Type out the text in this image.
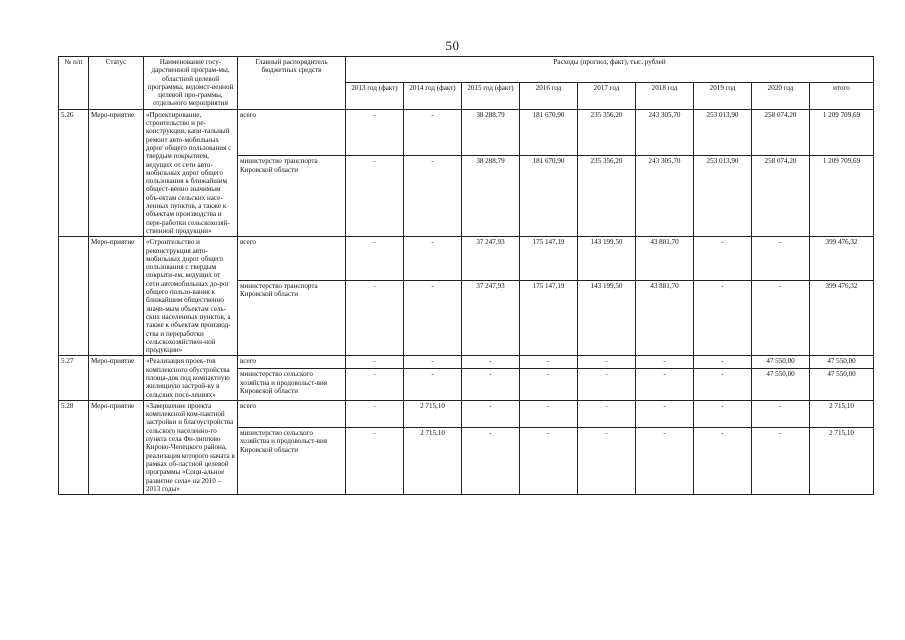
50
№ п/п	Статус	Наименование госу-дарственной програм-мы, областной целевой программы, ведомст-венной целевой про-граммы, отдельного мероприятия	Главный распорядитель бюджетных средств	Расходы (прогноз, факт), тыс. рублей								
				2013 год (факт)	2014 год (факт)	2015 год (факт)	2016 год	2017 год	2018 год	2019 год	2020 год	итого
5.26	Меро-приятие	«Проектирование, строительство и ре-конструкция, капи-тальный ремонт авто-мобильных дорог общего пользования с твердым покрытием, ведущих от сети авто-мобильных дорог общего пользования к ближайшим общест-венно значимым объ-ектам сельских насе-ленных пунктов, а также к объектам производства и пере-работки сельскохозяй-ственной продукции»	всего	-	-	38 288,79	181 670,90	235 356,20	243 305,70	253 013,90	258 074,20	1 209 709,69
			министерство транспорта Кировской области	-	-	38 288,79	181 670,90	235 356,20	243 305,70	253 013,90	258 074,20	1 209 709,69
	Меро-приятие	«Строительство и реконструкция авто-мобильных дорог общего пользования с твердым покрыти-ем, ведущих от сети автомобильных до-рог общего пользо-вания к ближайшим общественно значи-мым объектам сель-ских населенных пунктов, а также к объектам производ-ства и переработки сельскохозяйствен-ной продукции»	всего	-	-	37 247,93	175 147,19	143 199,50	43 881,70	-	-	399 476,32
			министерство транспорта Кировской области	-	-	37 247,93	175 147,19	143 199,50	43 881,70	-	-	399 476,32
5.27	Меро-приятие	«Реализация проек-тов комплексного обустройства площа-док под компактную жилищную застрой-ку в сельских посе-лениях»	всего	-	-	-	-	-	-	-	47 550,00	47 550,00
			министерство сельского хозяйства и продовольст-вия Кировской области	-	-	-	-	-	-	-	47 550,00	47 550,00
5.28	Меро-приятие	«Завершение проекта комплексной ком-пактной застройки и благоустройства сельского населенно-го пункта села Фи-липпово Кирово-Чепецкого района, реализация которого начата в рамках об-ластной целевой программы «Соци-альное развитие села» на 2010 – 2013 годы»	всего	-	2 715,10	-	-	-	-	-	-	2 715,10
			министерство сельского хозяйства и продовольст-вия Кировской области	-	2 715,10	-	-	-	-	-	-	2 715,10
